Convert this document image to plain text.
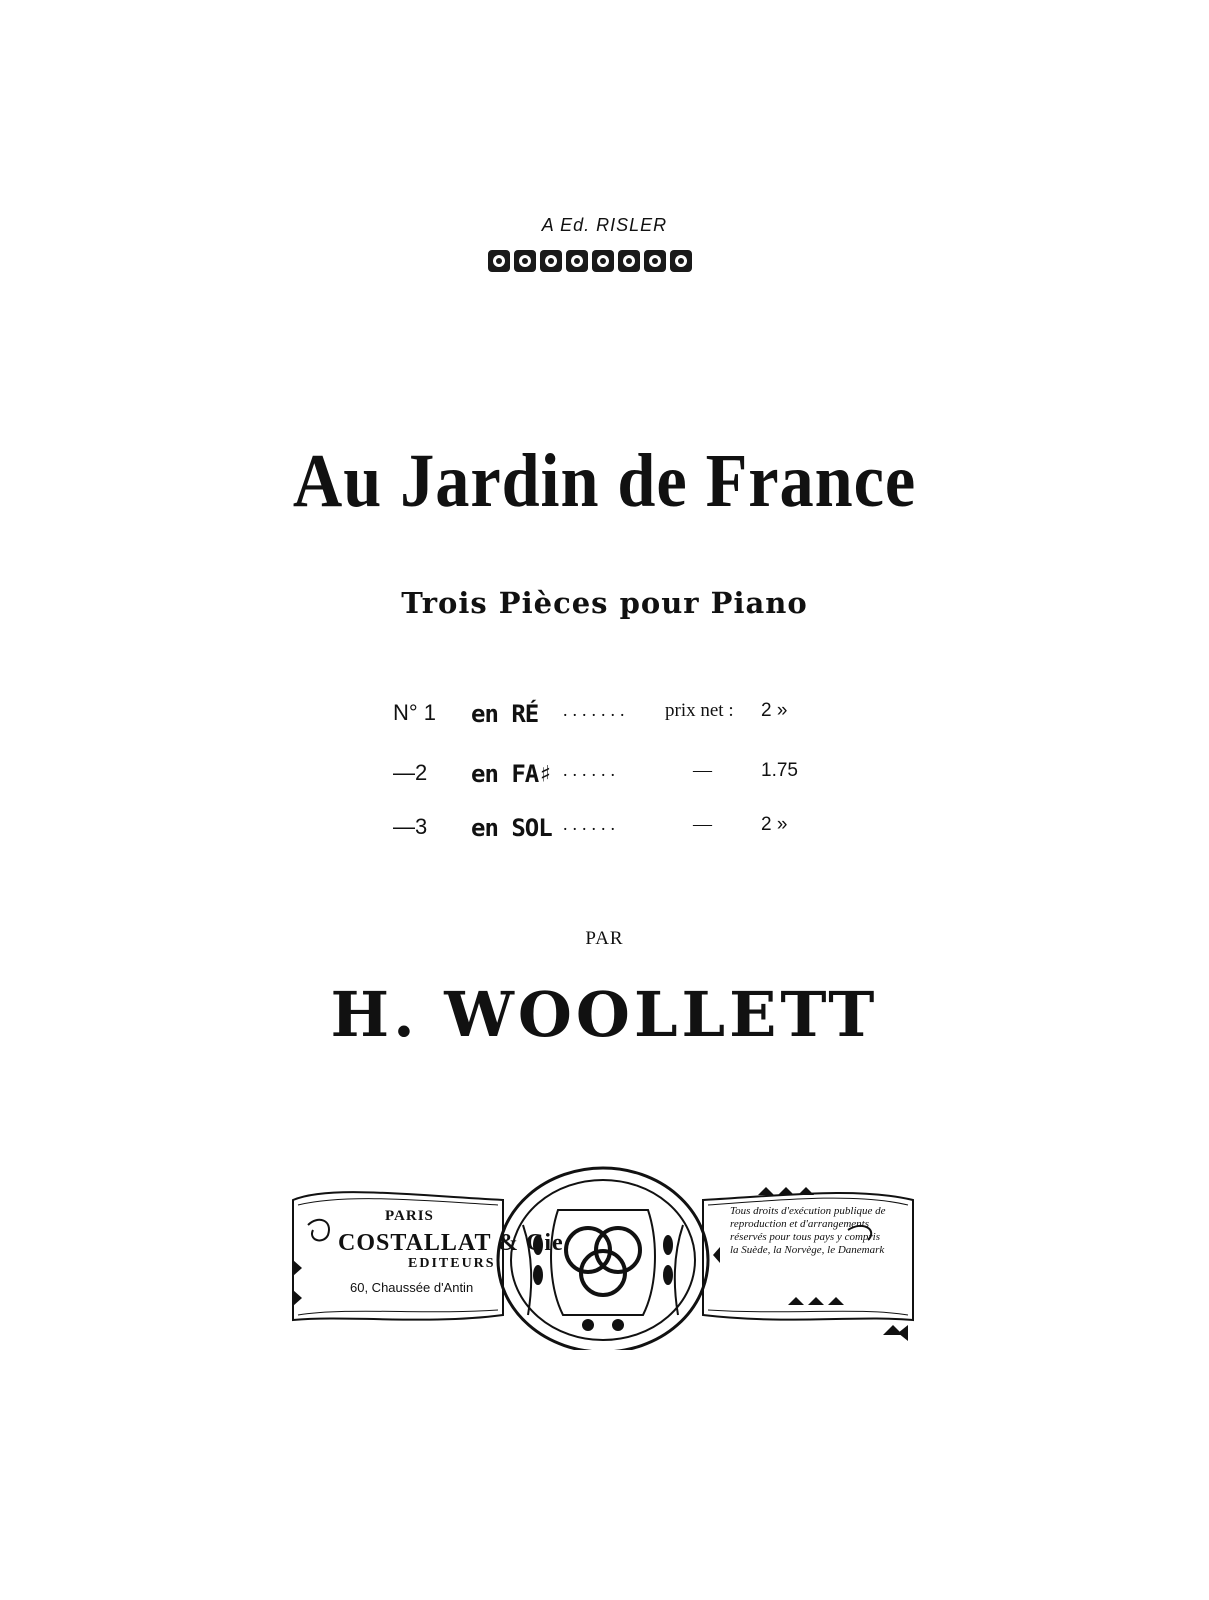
A Ed. RISLER
Au Jardin de France
Trois Pièces pour Piano
N° 1 en RÉ ....... prix net : 2 »
—2 en FA♯ ......	—	1.75
—3 en SOL ......	—	2 »
PAR
H. WOOLLETT
PARIS
COSTALLAT & Cie
EDITEURS
60, Chaussée d'Antin
Tous droits d'exécution publique de reproduction et d'arrangements réservés pour tous pays y compris la Suède, la Norvège, le Danemark
